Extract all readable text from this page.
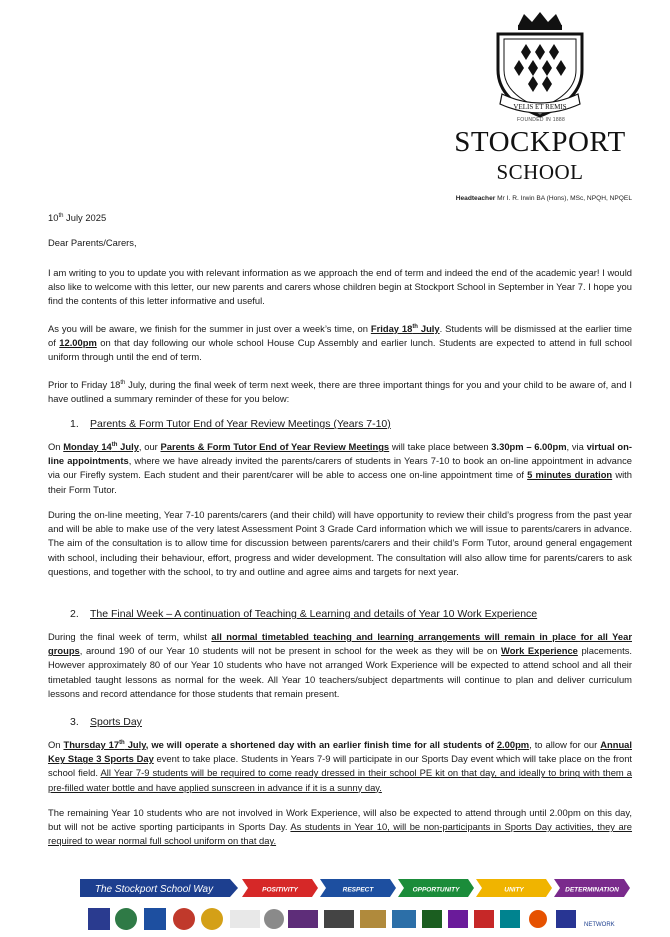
VELIS ET REMIS
FOUNDED IN 1888
STOCKPORT
SCHOOL
Headteacher Mr I. R. Irwin BA (Hons), MSc, NPQH, NPQEL
10th July 2025

Dear Parents/Carers,

I am writing to you to update you with relevant information as we approach the end of term and indeed the end of the academic year! I would also like to welcome with this letter, our new parents and carers whose children begin at Stockport School in September in Year 7. I hope you find the contents of this letter informative and useful.

As you will be aware, we finish for the summer in just over a week’s time, on Friday 18th July. Students will be dismissed at the earlier time of 12.00pm on that day following our whole school House Cup Assembly and earlier lunch. Students are expected to attend in full school uniform through until the end of term.

Prior to Friday 18th July, during the final week of term next week, there are three important things for you and your child to be aware of, and I have outlined a summary reminder of these for you below:

1. Parents & Form Tutor End of Year Review Meetings (Years 7-10)

On Monday 14th July, our Parents & Form Tutor End of Year Review Meetings will take place between 3.30pm – 6.00pm, via virtual on-line appointments, where we have already invited the parents/carers of students in Years 7-10 to book an on-line appointment in advance via our Firefly system. Each student and their parent/carer will be able to access one on-line appointment time of 5 minutes duration with their Form Tutor.

During the on-line meeting, Year 7-10 parents/carers (and their child) will have opportunity to review their child’s progress from the past year and will be able to make use of the very latest Assessment Point 3 Grade Card information which we will issue to parents/carers in advance. The aim of the consultation is to allow time for discussion between parents/carers and their child’s Form Tutor, around general engagement with school, including their behaviour, effort, progress and wider development. The consultation will also allow time for parents/carers to ask questions, and together with the school, to try and outline and agree aims and targets for next year.

2. The Final Week – A continuation of Teaching & Learning and details of Year 10 Work Experience

During the final week of term, whilst all normal timetabled teaching and learning arrangements will remain in place for all Year groups, around 190 of our Year 10 students will not be present in school for the week as they will be on Work Experience placements. However approximately 80 of our Year 10 students who have not arranged Work Experience will be expected to attend school and all their timetabled taught lessons as normal for the week. All Year 10 teachers/subject departments will continue to plan and deliver curriculum lessons and record attendance for those students that remain present.

3. Sports Day

On Thursday 17th July, we will operate a shortened day with an earlier finish time for all students of 2.00pm, to allow for our Annual Key Stage 3 Sports Day event to take place. Students in Years 7-9 will participate in our Sports Day event which will take place on the front school field. All Year 7-9 students will be required to come ready dressed in their school PE kit on that day, and ideally to bring with them a pre-filled water bottle and have applied sunscreen in advance if it is a sunny day.

The remaining Year 10 students who are not involved in Work Experience, will also be expected to attend through until 2.00pm on this day, but will not be active sporting participants in Sports Day. As students in Year 10, will be non-participants in Sports Day activities, they are required to wear normal full school uniform on that day.

The Stockport School Way	POSITIVITY	RESPECT	OPPORTUNITY	UNITY	DETERMINATION
NETWORK
